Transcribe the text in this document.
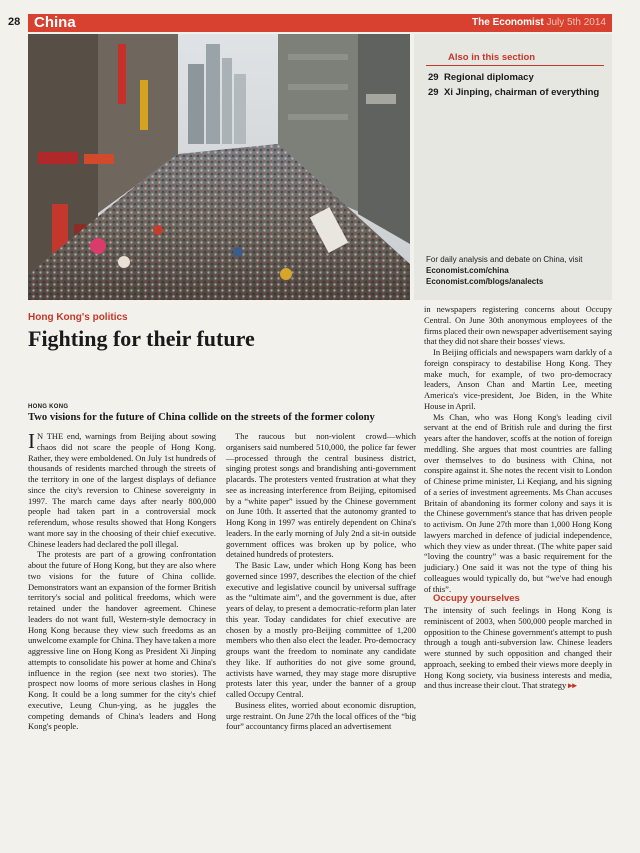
28 China	The Economist July 5th 2014
Also in this section
29 Regional diplomacy
29 Xi Jinping, chairman of everything
For daily analysis and debate on China, visit
Economist.com/china
Economist.com/blogs/analects
Hong Kong's politics
Fighting for their future
HONG KONG
Two visions for the future of China collide on the streets of the former colony

I N THE end, warnings from Beijing about sowing chaos did not scare the people of Hong Kong. Rather, they were emboldened. On July 1st hundreds of thousands of residents marched through the streets of the territory in one of the largest displays of defiance since the city's reversion to Chinese sovereignty in 1997. The march came days after nearly 800,000 people had taken part in a controversial mock referendum, whose results showed that Hong Kongers want more say in the choosing of their chief executive. Chinese leaders had declared the poll illegal.

The protests are part of a growing confrontation about the future of Hong Kong, but they are also where two visions for the future of China collide. Demonstrators want an expansion of the former British territory's social and political freedoms, which were retained under the handover agreement. Chinese leaders do not want full, Western-style democracy in Hong Kong because they view such freedoms as an unwelcome example for China. They have taken a more aggressive line on Hong Kong as President Xi Jinping attempts to consolidate his power at home and China's influence in the region (see next two stories). The prospect now looms of more serious clashes in Hong Kong. It could be a long summer for the city's chief executive, Leung Chun-ying, as he juggles the competing demands of China's leaders and Hong Kong's people.

The raucous but non-violent crowd—which organisers said numbered 510,000, the police far fewer—processed through the central business district, singing protest songs and brandishing anti-government placards. The protesters vented frustration at what they see as increasing interference from Beijing, epitomised by a “white paper” issued by the Chinese government on June 10th. It asserted that the autonomy granted to Hong Kong in 1997 was entirely dependent on China's leaders. In the early morning of July 2nd a sit-in outside government offices was broken up by police, who detained hundreds of protesters.

The Basic Law, under which Hong Kong has been governed since 1997, describes the election of the chief executive and legislative council by universal suffrage as the “ultimate aim”, and the government is due, after years of delay, to present a democratic-reform plan later this year. Today candidates for chief executive are chosen by a mostly pro-Beijing committee of 1,200 members who then also elect the leader. Pro-democracy groups want the freedom to nominate any candidate they like. If authorities do not give some ground, activists have warned, they may stage more disruptive protests later this year, under the banner of a group called Occupy Central.

Business elites, worried about economic disruption, urge restraint. On June 27th the local offices of the “big four” accountancy firms placed an advertisement

in newspapers registering concerns about Occupy Central. On June 30th anonymous employees of the firms placed their own newspaper advertisement saying that they did not share their bosses' views.

In Beijing officials and newspapers warn darkly of a foreign conspiracy to destabilise Hong Kong. They make much, for example, of two pro-democracy leaders, Anson Chan and Martin Lee, meeting America's vice-president, Joe Biden, in the White House in April.

Ms Chan, who was Hong Kong's leading civil servant at the end of British rule and during the first years after the handover, scoffs at the notion of foreign meddling. She argues that most countries are falling over themselves to do business with China, not conspire against it. She notes the recent visit to London of Chinese prime minister, Li Keqiang, and his signing of a series of investment agreements. Ms Chan accuses Britain of abandoning its former colony and says it is the Chinese government's stance that has driven people to activism. On June 27th more than 1,000 Hong Kong lawyers marched in defence of judicial independence, which they view as under threat. (The white paper said “loving the country” was a basic requirement for the judiciary.) One said it was not the type of thing his colleagues would typically do, but “we've had enough of this”.

Occupy yourselves

The intensity of such feelings in Hong Kong is reminiscent of 2003, when 500,000 people marched in opposition to the Chinese government's attempt to push through a tough anti-subversion law. Chinese leaders were stunned by such opposition and changed their approach, seeking to embed their views more deeply in Hong Kong society, via business interests and media, and thus increase their clout. That strategy ▸▸
